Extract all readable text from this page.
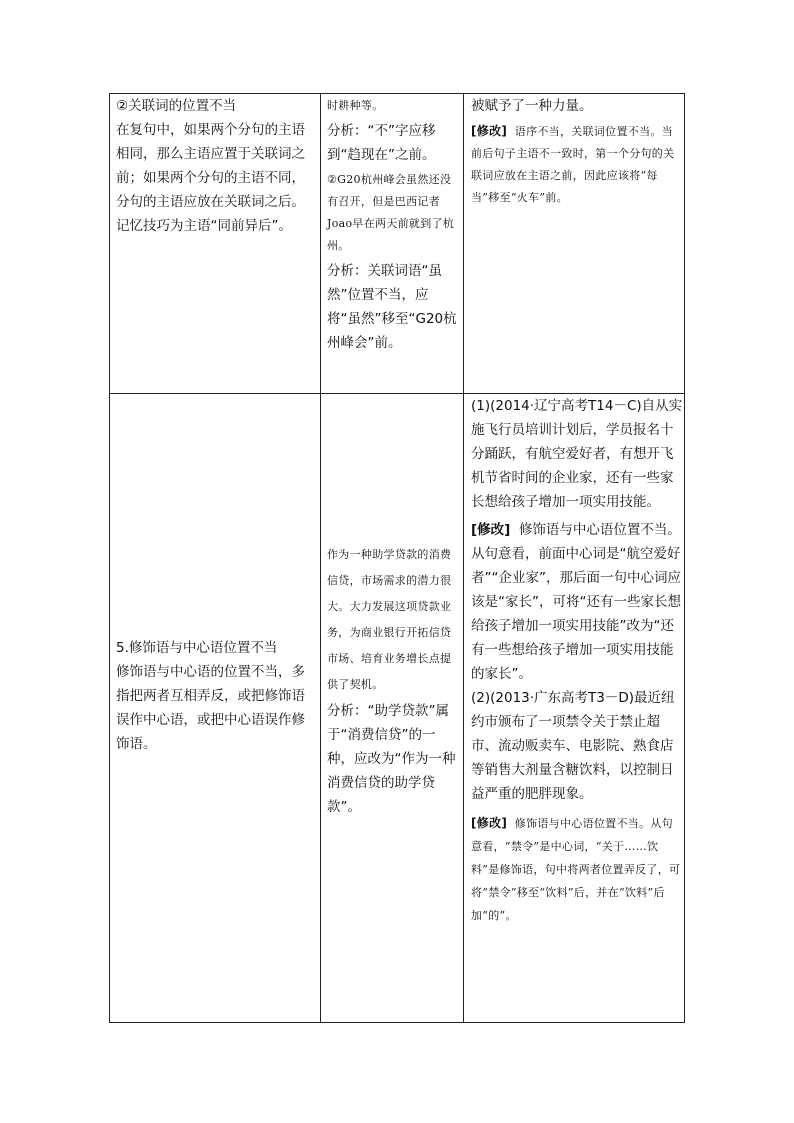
②关联词的位置不当

在复句中，如果两个分句的主语相同，那么主语应置于关联词之前；如果两个分句的主语不同，分句的主语应放在关联词之后。记忆技巧为主语“同前异后”。

时耕种等。

分析：“不”字应移到“趋现在”之前。

②G20杭州峰会虽然还没有召开，但是巴西记者Joao早在两天前就到了杭州。

分析：关联词语“虽然”位置不当，应将“虽然”移至“G20杭州峰会”前。

被赋予了一种力量。

[修改] 语序不当，关联词位置不当。当前后句子主语不一致时，第一个分句的关联词应放在主语之前，因此应该将“每当”移至“火车”前。

5.修饰语与中心语位置不当

修饰语与中心语的位置不当，多指把两者互相弄反，或把修饰语误作中心语，或把中心语误作修饰语。

作为一种助学贷款的消费信贷，市场需求的潜力很大。大力发展这项贷款业务，为商业银行开拓信贷市场、培育业务增长点提供了契机。

分析：“助学贷款”属于“消费信贷”的一种，应改为“作为一种消费信贷的助学贷款”。

(1)(2014·辽宁高考T14－C)自从实施飞行员培训计划后，学员报名十分踊跃，有航空爱好者，有想开飞机节省时间的企业家，还有一些家长想给孩子增加一项实用技能。

[修改] 修饰语与中心语位置不当。从句意看，前面中心词是“航空爱好者”“企业家”，那后面一句中心词应该是“家长”，可将“还有一些家长想给孩子增加一项实用技能”改为“还有一些想给孩子增加一项实用技能的家长”。

(2)(2013·广东高考T3－D)最近纽约市颁布了一项禁令关于禁止超市、流动贩卖车、电影院、熟食店等销售大剂量含糖饮料，以控制日益严重的肥胖现象。

[修改] 修饰语与中心语位置不当。从句意看，“禁令”是中心词，“关于……饮料”是修饰语，句中将两者位置弄反了，可将“禁令”移至“饮料”后，并在“饮料”后加“的”。
